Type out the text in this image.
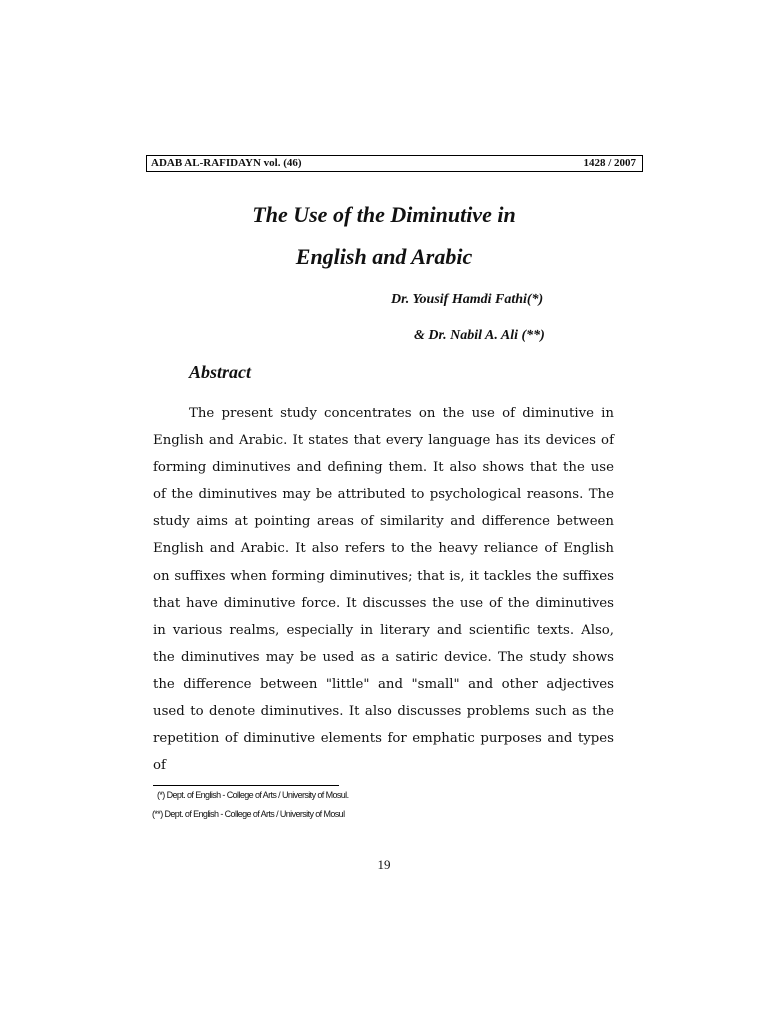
ADAB AL-RAFIDAYN vol. (46)	1428 / 2007
The Use of the Diminutive in
English and Arabic
Dr. Yousif Hamdi Fathi(*)
& Dr. Nabil A. Ali (**)
Abstract

The present study concentrates on the use of diminutive in English and Arabic. It states that every language has its devices of forming diminutives and defining them. It also shows that the use of the diminutives may be attributed to psychological reasons. The study aims at pointing areas of similarity and difference between English and Arabic. It also refers to the heavy reliance of English on suffixes when forming diminutives; that is, it tackles the suffixes that have diminutive force. It discusses the use of the diminutives in various realms, especially in literary and scientific texts. Also, the diminutives may be used as a satiric device. The study shows the difference between "little" and "small" and other adjectives used to denote diminutives. It also discusses problems such as the repetition of diminutive elements for emphatic purposes and types of

(*) Dept. of English - College of Arts / University of Mosul.
(**) Dept. of English - College of Arts / University of Mosul
19
